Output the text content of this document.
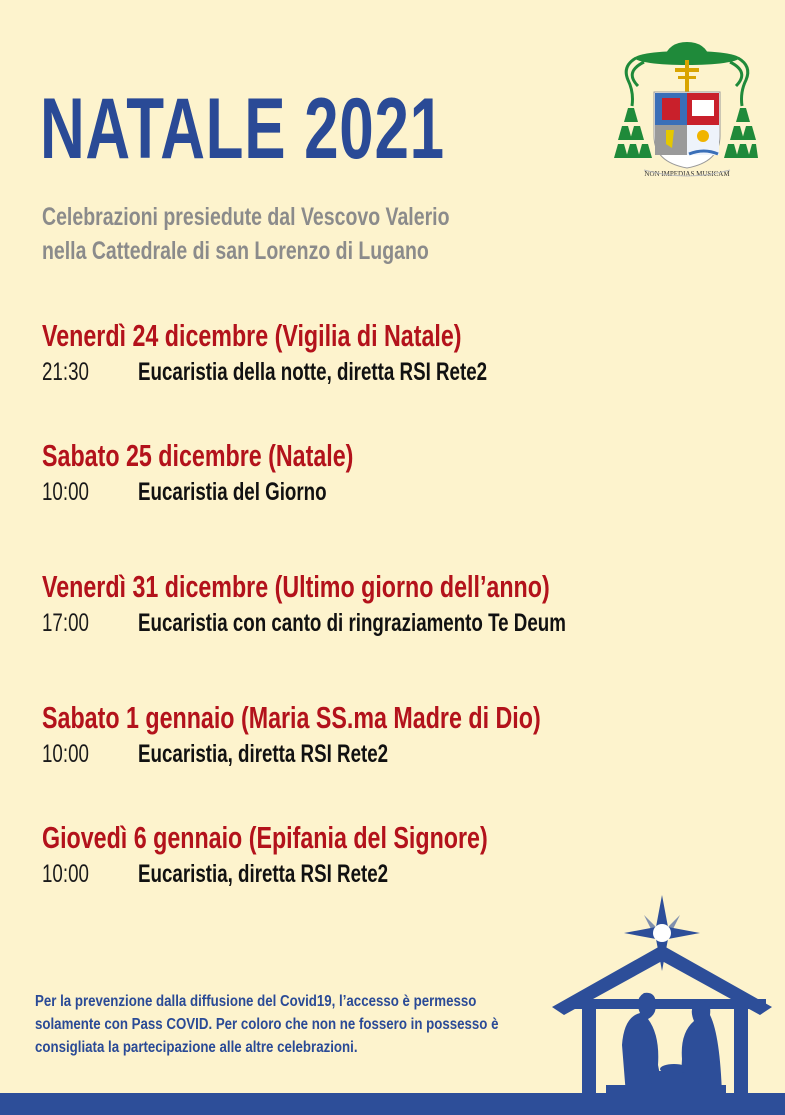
NATALE 2021
Celebrazioni presiedute dal Vescovo Valerio
nella Cattedrale di san Lorenzo di Lugano
NON IMPEDIAS MUSICAM
Venerdì 24 dicembre (Vigilia di Natale)
21:30 Eucaristia della notte, diretta RSI Rete2
Sabato 25 dicembre (Natale)
10:00 Eucaristia del Giorno
Venerdì 31 dicembre (Ultimo giorno dell’anno)
17:00 Eucaristia con canto di ringraziamento Te Deum
Sabato 1 gennaio (Maria SS.ma Madre di Dio)
10:00 Eucaristia, diretta RSI Rete2
Giovedì 6 gennaio (Epifania del Signore)
10:00 Eucaristia, diretta RSI Rete2
Per la prevenzione dalla diffusione del Covid19, l’accesso è permesso
solamente con Pass COVID. Per coloro che non ne fossero in possesso è
consigliata la partecipazione alle altre celebrazioni.
